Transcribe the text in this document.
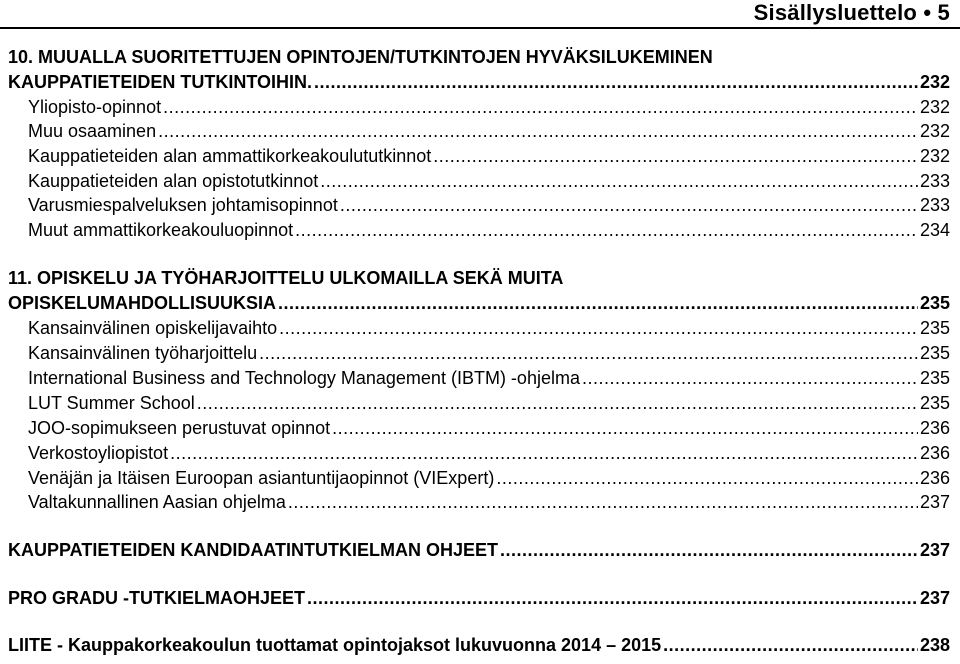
Sisällysluettelo • 5
10. MUUALLA SUORITETTUJEN OPINTOJEN/TUTKINTOJEN HYVÄKSILUKEMINEN
KAUPPATIETEIDEN TUTKINTOIHIN. .....	232
Yliopisto-opinnot .....	232
Muu osaaminen .....	232
Kauppatieteiden alan ammattikorkeakoulututkinnot .....	232
Kauppatieteiden alan opistotutkinnot .....	233
Varusmiespalveluksen johtamisopinnot .....	233
Muut ammattikorkeakouluopinnot .....	234
11. OPISKELU JA TYÖHARJOITTELU ULKOMAILLA SEKÄ MUITA
OPISKELUMAHDOLLISUUKSIA .....	235
Kansainvälinen opiskelijavaihto .....	235
Kansainvälinen työharjoittelu .....	235
International Business and Technology Management (IBTM) -ohjelma .....	235
LUT Summer School .....	235
JOO-sopimukseen perustuvat opinnot .....	236
Verkostoyliopistot .....	236
Venäjän ja Itäisen Euroopan asiantuntijaopinnot (VIExpert) .....	236
Valtakunnallinen Aasian ohjelma .....	237
KAUPPATIETEIDEN KANDIDAATINTUTKIELMAN OHJEET .....	237
PRO GRADU -TUTKIELMAOHJEET .....	237
LIITE - Kauppakorkeakoulun tuottamat opintojaksot lukuvuonna 2014 – 2015 .....	238
